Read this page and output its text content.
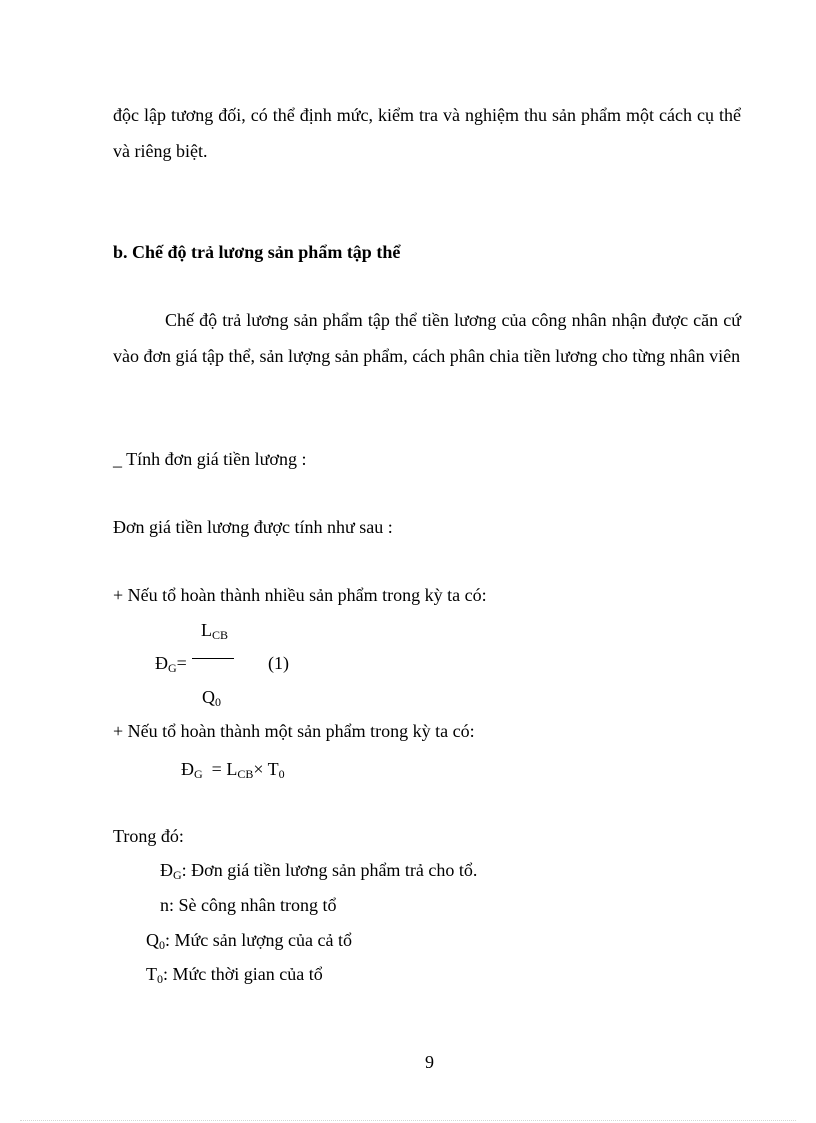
độc lập tương đối, có thể định mức, kiểm tra và nghiệm thu sản phẩm một cách cụ thể và riêng biệt.
b. Chế độ trả lương sản phẩm tập thể
Chế độ trả lương sản phẩm tập thể tiền lương của công nhân nhận được căn cứ vào đơn giá tập thể, sản lượng sản phẩm, cách phân chia tiền lương cho từng nhân viên
_ Tính đơn giá tiền lương :
Đơn giá tiền lương được tính như sau :
+ Nếu tổ hoàn thành nhiều sản phẩm trong kỳ ta có:
$L_{CB}$
$Đ_G=$	(1)
$Q_0$
+ Nếu tổ hoàn thành một sản phẩm trong kỳ ta có:
$Đ_G = L_{CB}\times T_0$
Trong đó:
$Đ_G$: Đơn giá tiền lương sản phẩm trả cho tổ.
n: Sè công nhân trong tổ
$Q_0$: Mức sản lượng của cả tổ
$T_0$: Mức thời gian của tổ
9
